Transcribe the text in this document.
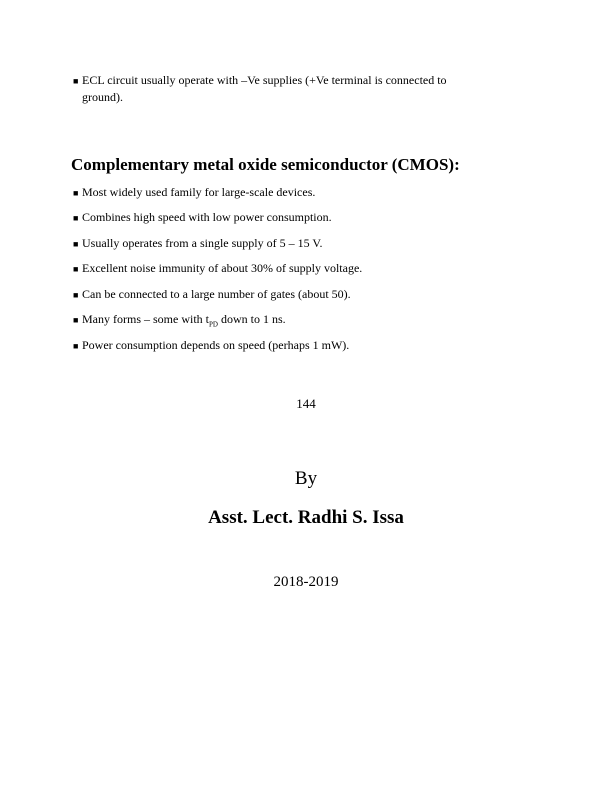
■ ECL circuit usually operate with –Ve supplies (+Ve terminal is connected to
ground).
Complementary metal oxide semiconductor (CMOS):
■ Most widely used family for large-scale devices.
■ Combines high speed with low power consumption.
■ Usually operates from a single supply of 5 – 15 V.
■ Excellent noise immunity of about 30% of supply voltage.
■ Can be connected to a large number of gates (about 50).
■ Many forms – some with $t_{PD}$ down to 1 ns.
■ Power consumption depends on speed (perhaps 1 mW).
144
By
Asst. Lect. Radhi S. Issa
2018-2019
